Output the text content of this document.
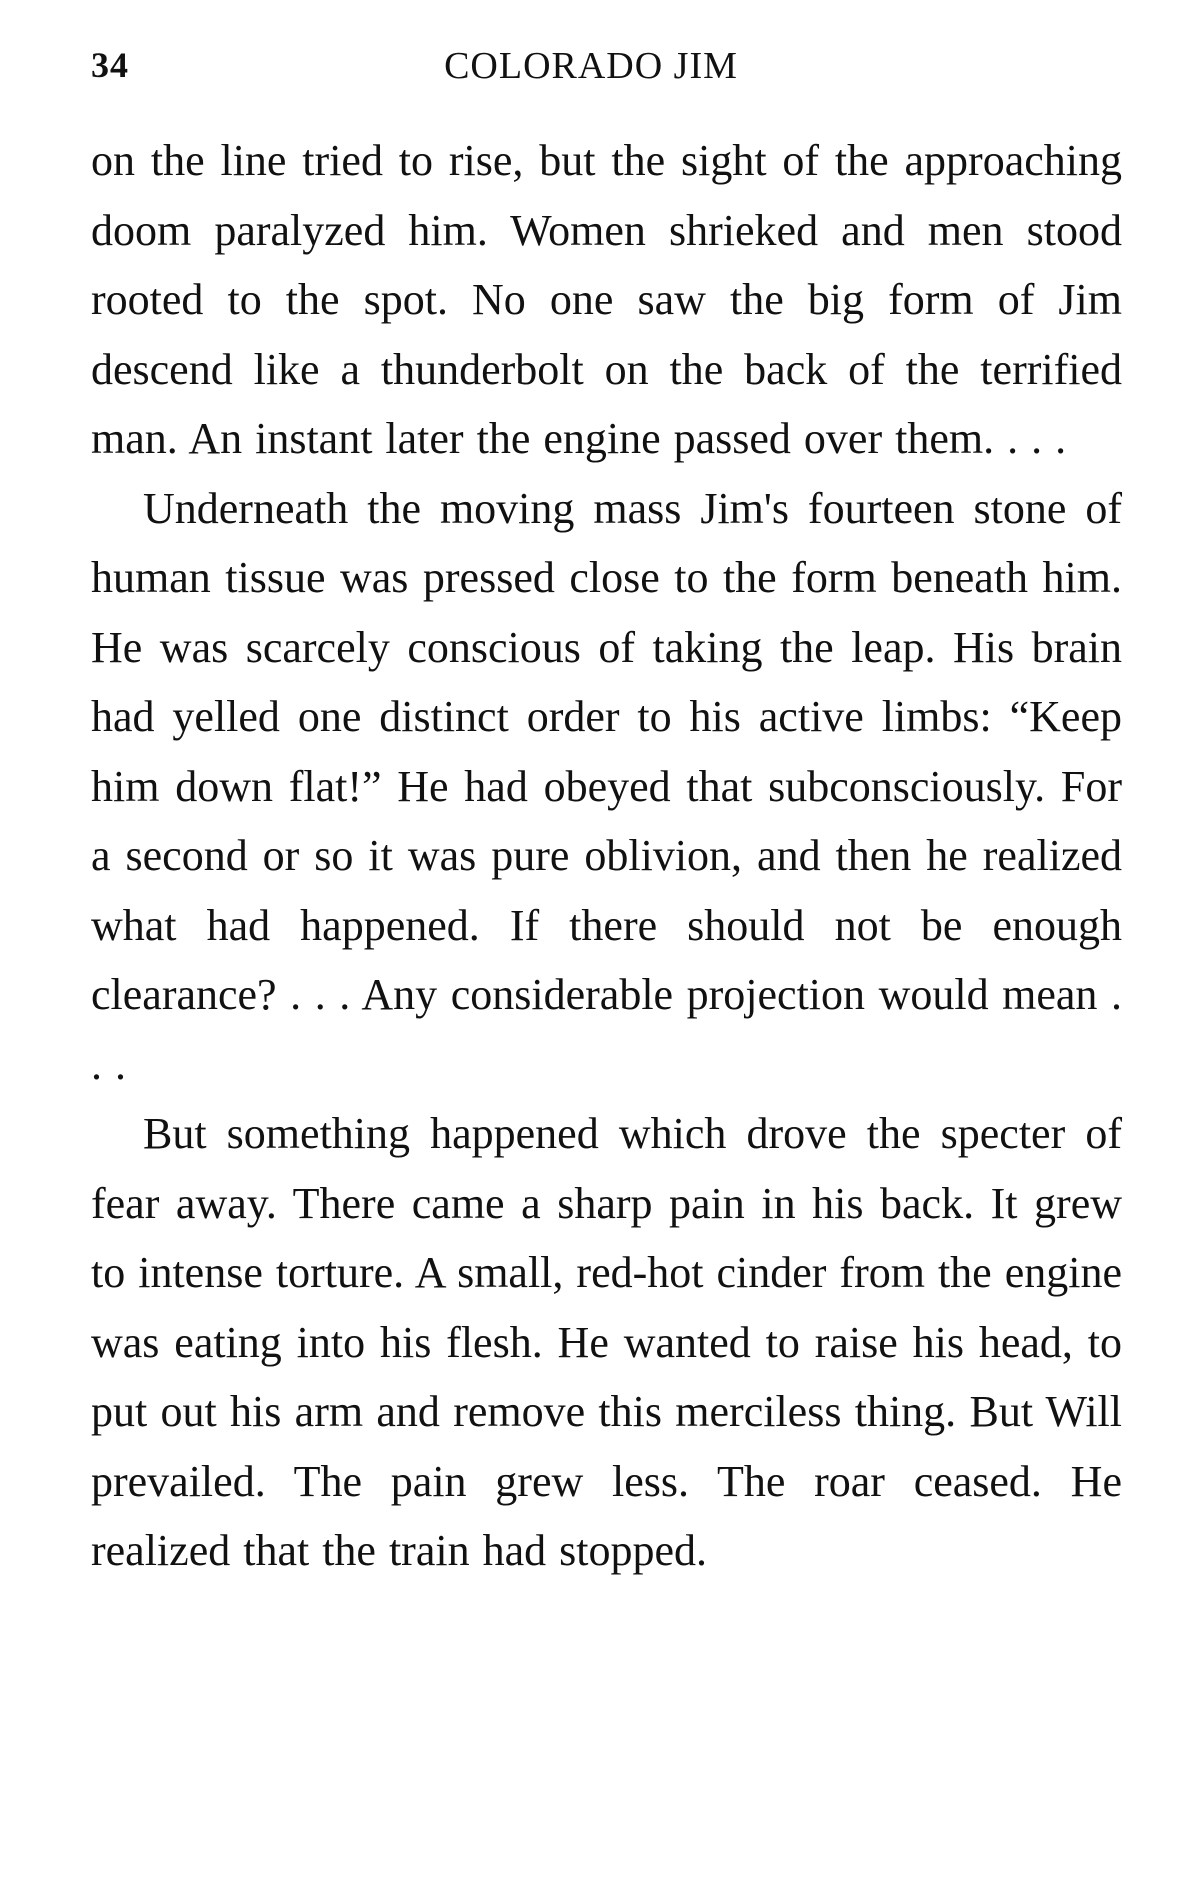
34	COLORADO JIM

on the line tried to rise, but the sight of the approaching doom paralyzed him. Women shrieked and men stood rooted to the spot. No one saw the big form of Jim descend like a thunderbolt on the back of the terrified man. An instant later the engine passed over them. . . .

Underneath the moving mass Jim's fourteen stone of human tissue was pressed close to the form beneath him. He was scarcely conscious of taking the leap. His brain had yelled one distinct order to his active limbs: “Keep him down flat!” He had obeyed that subconsciously. For a second or so it was pure oblivion, and then he realized what had happened. If there should not be enough clearance? . . . Any considerable projection would mean . . .

But something happened which drove the specter of fear away. There came a sharp pain in his back. It grew to intense torture. A small, red-hot cinder from the engine was eating into his flesh. He wanted to raise his head, to put out his arm and remove this merciless thing. But Will prevailed. The pain grew less. The roar ceased. He realized that the train had stopped.
